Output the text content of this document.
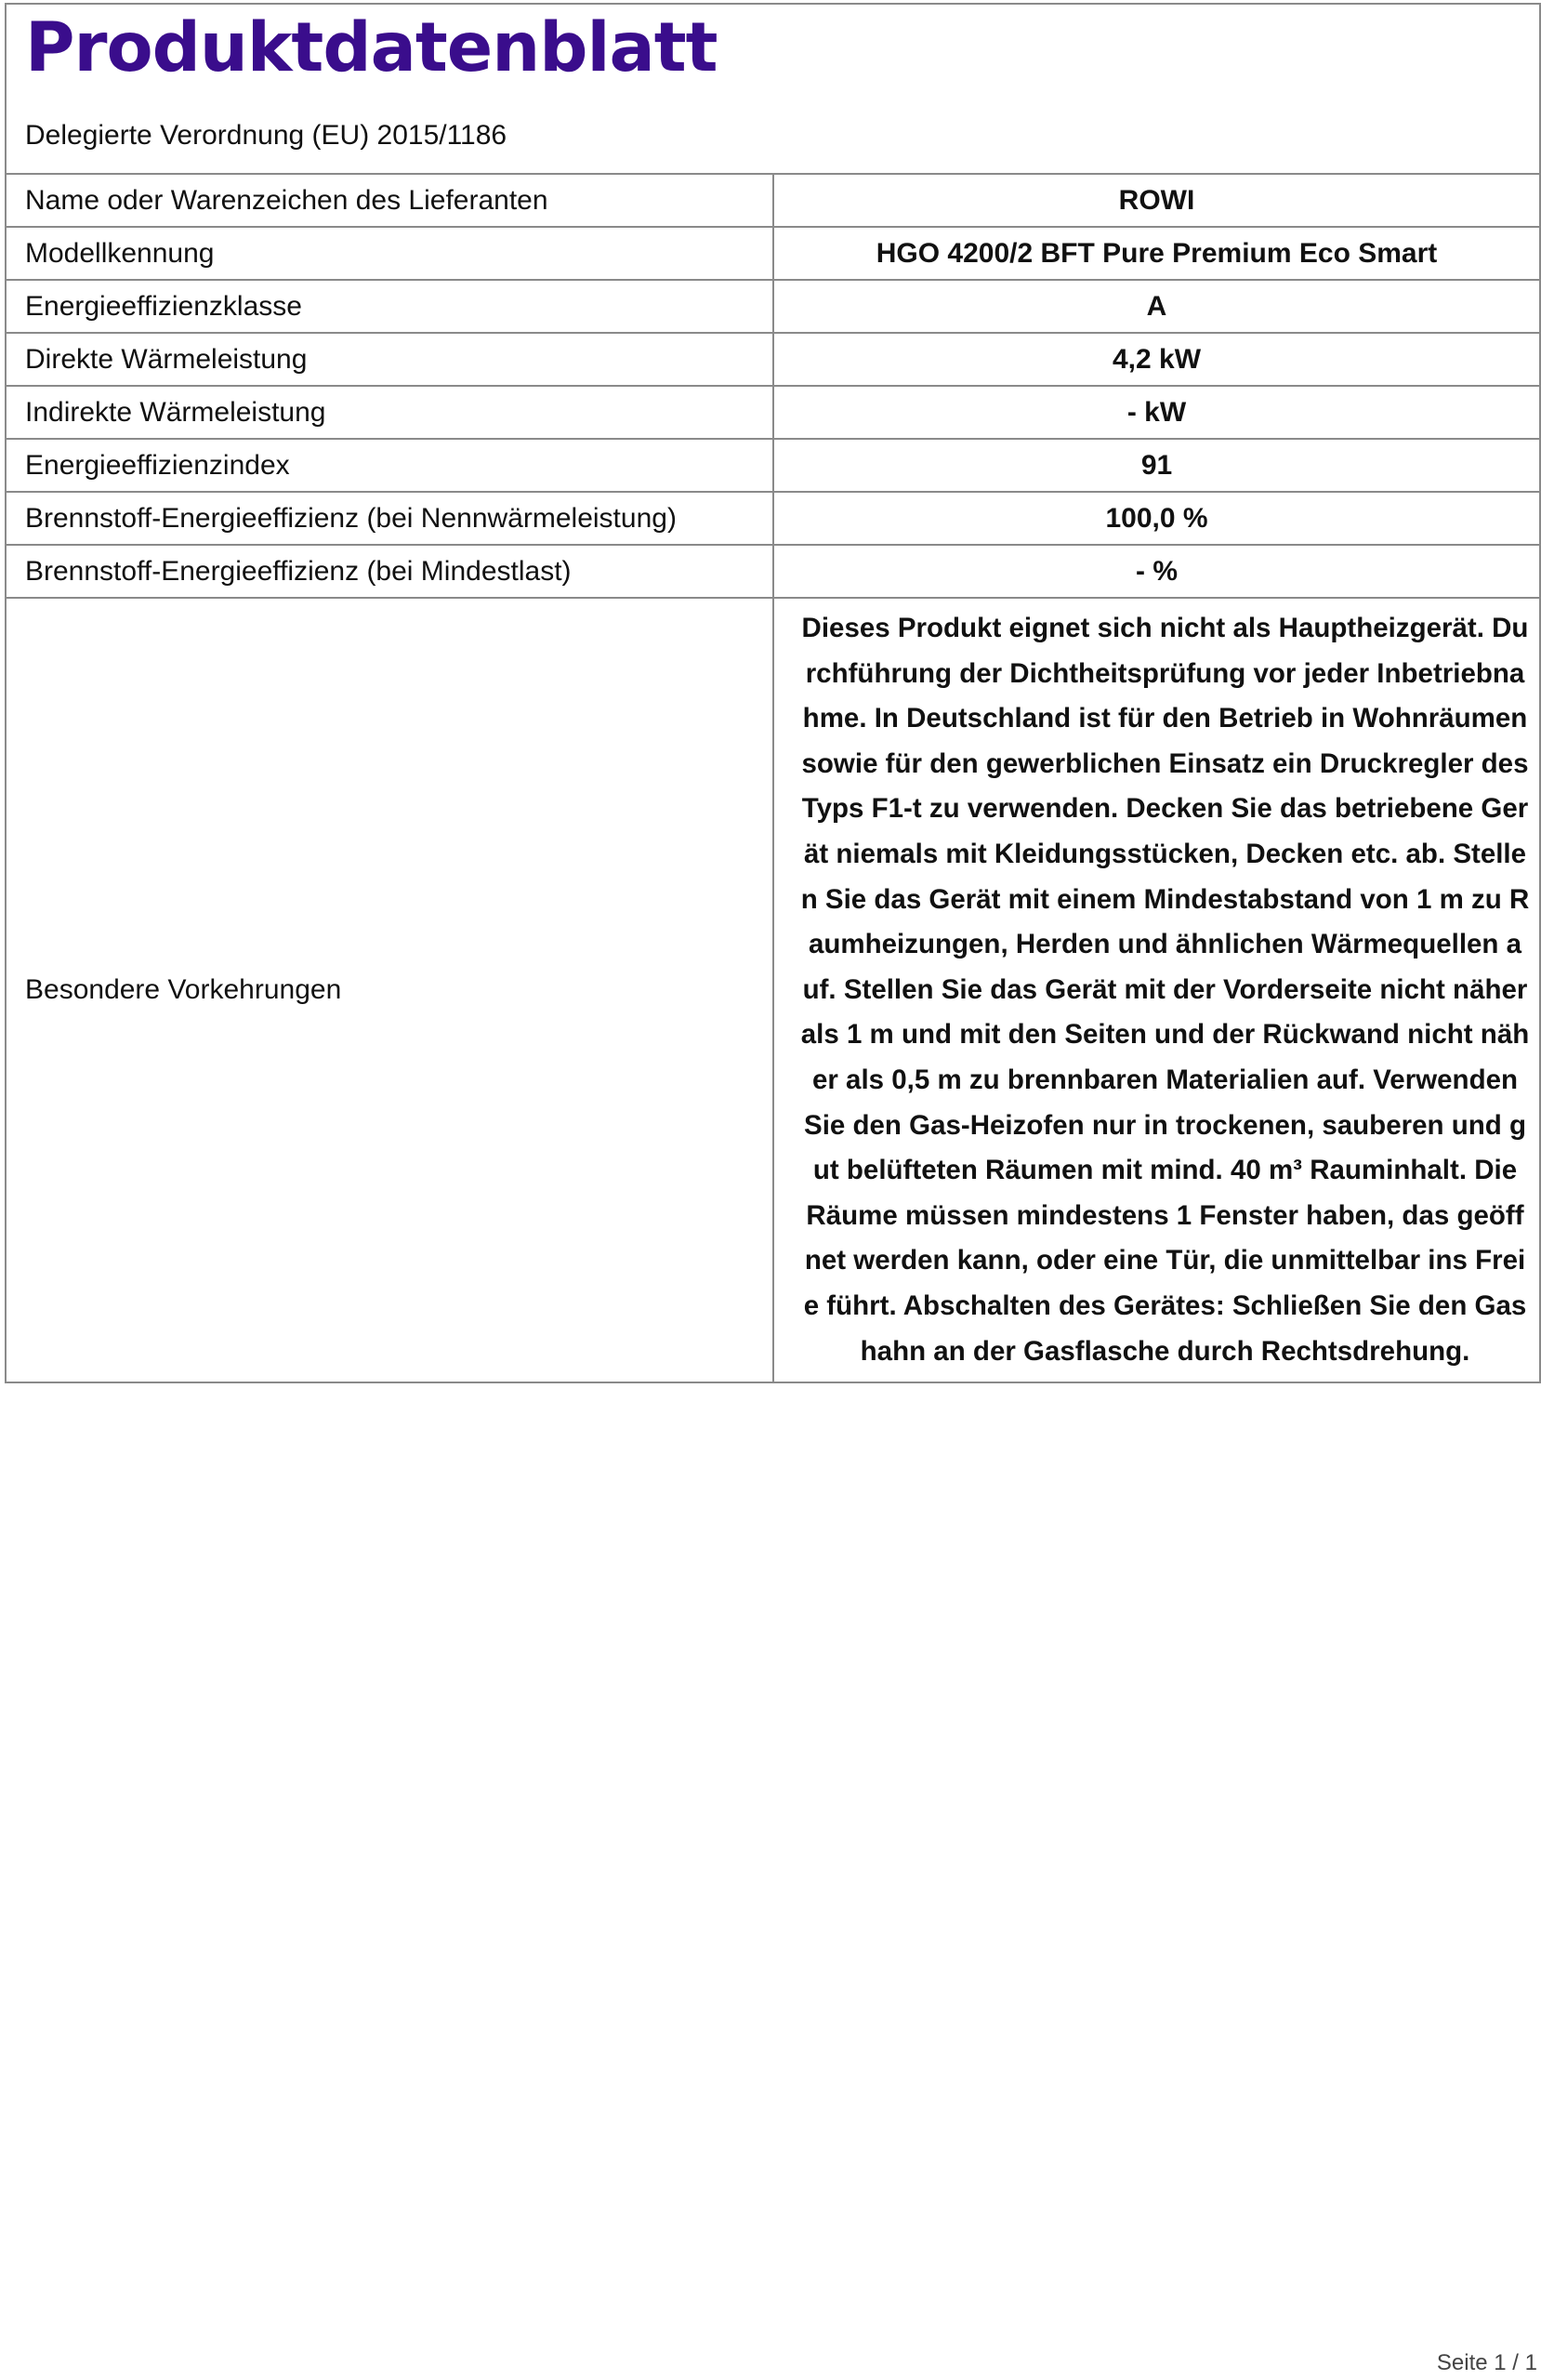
Produktdatenblatt
Delegierte Verordnung (EU) 2015/1186
Name oder Warenzeichen des Lieferanten	ROWI
Modellkennung	HGO 4200/2 BFT Pure Premium Eco Smart
Energieeffizienzklasse	A
Direkte Wärmeleistung	4,2 kW
Indirekte Wärmeleistung	- kW
Energieeffizienzindex	91
Brennstoff-Energieeffizienz (bei Nennwärmeleistung)	100,0 %
Brennstoff-Energieeffizienz (bei Mindestlast)	- %
Besondere Vorkehrungen	Dieses Produkt eignet sich nicht als Hauptheizgerät. Durchführung der Dichtheitsprüfung vor jeder Inbetriebnahme. In Deutschland ist für den Betrieb in Wohnräumen sowie für den gewerblichen Einsatz ein Druckregler des Typs F1-t zu verwenden. Decken Sie das betriebene Gerät niemals mit Kleidungsstücken, Decken etc. ab. Stellen Sie das Gerät mit einem Mindestabstand von 1 m zu Raumheizungen, Herden und ähnlichen Wärmequellen auf. Stellen Sie das Gerät mit der Vorderseite nicht näher als 1 m und mit den Seiten und der Rückwand nicht näher als 0,5 m zu brennbaren Materialien auf. Verwenden Sie den Gas-Heizofen nur in trockenen, sauberen und gut belüfteten Räumen mit mind. 40 m³ Rauminhalt. Die Räume müssen mindestens 1 Fenster haben, das geöffnet werden kann, oder eine Tür, die unmittelbar ins Freie führt. Abschalten des Gerätes: Schließen Sie den Gashahn an der Gasflasche durch Rechtsdrehung.
Seite 1 / 1
